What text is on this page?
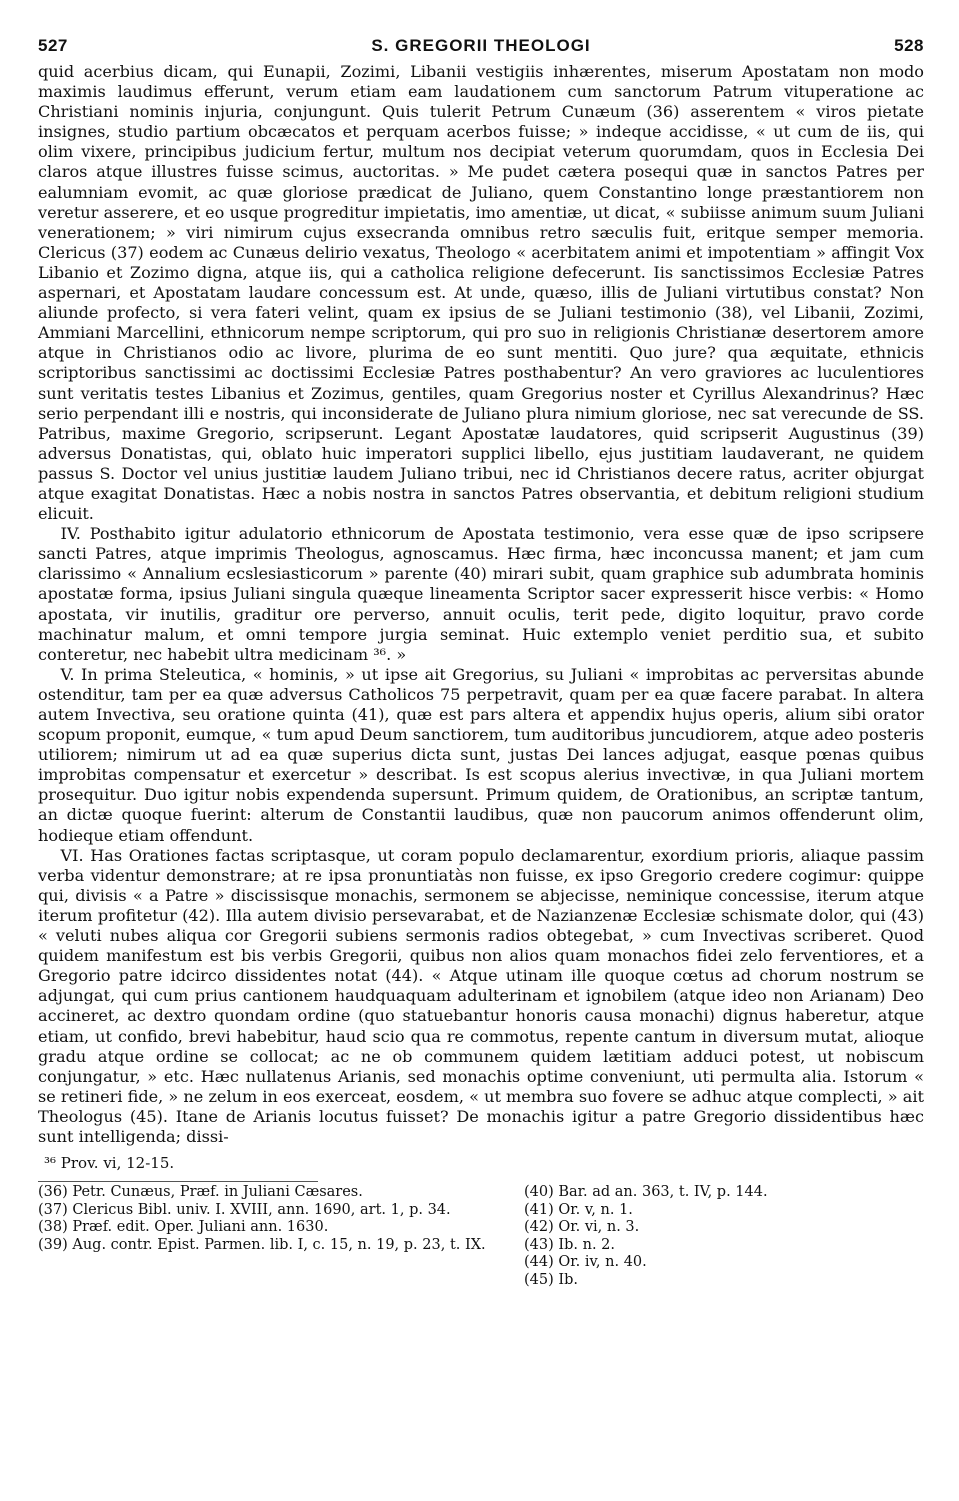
527	S. GREGORII THEOLOGI	528

quid acerbius dicam, qui Eunapii, Zozimi, Libanii vestigiis inhærentes, miserum Apostatam non modo maximis laudimus efferunt, verum etiam eam laudationem cum sanctorum Patrum vituperatione ac Christiani nominis injuria, conjungunt. Quis tulerit Petrum Cunæum (36) asserentem « viros pietate insignes, studio partium obcæcatos et perquam acerbos fuisse; » indeque accidisse, « ut cum de iis, qui olim vixere, principibus judicium fertur, multum nos decipiat veterum quorumdam, quos in Ecclesia Dei claros atque illustres fuisse scimus, auctoritas. » Me pudet cætera posequi quæ in sanctos Patres per ealumniam evomit, ac quæ gloriose prædicat de Juliano, quem Constantino longe præstantiorem non veretur asserere, et eo usque progreditur impietatis, imo amentiæ, ut dicat, « subiisse animum suum Juliani venerationem; » viri nimirum cujus exsecranda omnibus retro sæculis fuit, eritque semper memoria. Clericus (37) eodem ac Cunæus delirio vexatus, Theologo « acerbitatem animi et impotentiam » affingit Vox Libanio et Zozimo digna, atque iis, qui a catholica religione defecerunt. Iis sanctissimos Ecclesiæ Patres aspernari, et Apostatam laudare concessum est. At unde, quæso, illis de Juliani virtutibus constat? Non aliunde profecto, si vera fateri velint, quam ex ipsius de se Juliani testimonio (38), vel Libanii, Zozimi, Ammiani Marcellini, ethnicorum nempe scriptorum, qui pro suo in religionis Christianæ desertorem amore atque in Christianos odio ac livore, plurima de eo sunt mentiti. Quo jure? qua æquitate, ethnicis scriptoribus sanctissimi ac doctissimi Ecclesiæ Patres posthabentur? An vero graviores ac luculentiores sunt veritatis testes Libanius et Zozimus, gentiles, quam Gregorius noster et Cyrillus Alexandrinus? Hæc serio perpendant illi e nostris, qui inconsiderate de Juliano plura nimium gloriose, nec sat verecunde de SS. Patribus, maxime Gregorio, scripserunt. Legant Apostatæ laudatores, quid scripserit Augustinus (39) adversus Donatistas, qui, oblato huic imperatori supplici libello, ejus justitiam laudaverant, ne quidem passus S. Doctor vel unius justitiæ laudem Juliano tribui, nec id Christianos decere ratus, acriter objurgat atque exagitat Donatistas. Hæc a nobis nostra in sanctos Patres observantia, et debitum religioni studium elicuit.

IV. Posthabito igitur adulatorio ethnicorum de Apostata testimonio, vera esse quæ de ipso scripsere sancti Patres, atque imprimis Theologus, agnoscamus. Hæc firma, hæc inconcussa manent; et jam cum clarissimo « Annalium ecslesiasticorum » parente (40) mirari subit, quam graphice sub adumbrata hominis apostatæ forma, ipsius Juliani singula quæque lineamenta Scriptor sacer expresserit hisce verbis: « Homo apostata, vir inutilis, graditur ore perverso, annuit oculis, terit pede, digito loquitur, pravo corde machinatur malum, et omni tempore jurgia seminat. Huic extemplo veniet perditio sua, et subito conteretur, nec habebit ultra medicinam ³⁶. »

V. In prima Steleutica, « hominis, » ut ipse ait Gregorius, su Juliani « improbitas ac perversitas abunde ostenditur, tam per ea quæ adversus Catholicos 75 perpetravit, quam per ea quæ facere parabat. In altera autem Invectiva, seu oratione quinta (41), quæ est pars altera et appendix hujus operis, alium sibi orator scopum proponit, eumque, « tum apud Deum sanctiorem, tum auditoribus juncudiorem, atque adeo posteris utiliorem; nimirum ut ad ea quæ superius dicta sunt, justas Dei lances adjugat, easque pœnas quibus improbitas compensatur et exercetur » describat. Is est scopus alerius invectivæ, in qua Juliani mortem prosequitur. Duo igitur nobis expendenda supersunt. Primum quidem, de Orationibus, an scriptæ tantum, an dictæ quoque fuerint: alterum de Constantii laudibus, quæ non paucorum animos offenderunt olim, hodieque etiam offendunt.

VI. Has Orationes factas scriptasque, ut coram populo declamarentur, exordium prioris, aliaque passim verba videntur demonstrare; at re ipsa pronuntiatàs non fuisse, ex ipso Gregorio credere cogimur: quippe qui, divisis « a Patre » discissisque monachis, sermonem se abjecisse, neminique concessise, iterum atque iterum profitetur (42). Illa autem divisio persevarabat, et de Nazianzenæ Ecclesiæ schismate dolor, qui (43) « veluti nubes aliqua cor Gregorii subiens sermonis radios obtegebat, » cum Invectivas scriberet. Quod quidem manifestum est bis verbis Gregorii, quibus non alios quam monachos fidei zelo ferventiores, et a Gregorio patre idcirco dissidentes notat (44). « Atque utinam ille quoque cœtus ad chorum nostrum se adjungat, qui cum prius cantionem haudquaquam adulterinam et ignobilem (atque ideo non Arianam) Deo accineret, ac dextro quondam ordine (quo statuebantur honoris causa monachi) dignus haberetur, atque etiam, ut confido, brevi habebitur, haud scio qua re commotus, repente cantum in diversum mutat, alioque gradu atque ordine se collocat; ac ne ob communem quidem lætitiam adduci potest, ut nobiscum conjungatur, » etc. Hæc nullatenus Arianis, sed monachis optime conveniunt, uti permulta alia. Istorum « se retineri fide, » ne zelum in eos exerceat, eosdem, « ut membra suo fovere se adhuc atque complecti, » ait Theologus (45). Itane de Arianis locutus fuisset? De monachis igitur a patre Gregorio dissidentibus hæc sunt intelligenda; dissi-

³⁶ Prov. vi, 12-15.

(36) Petr. Cunæus, Præf. in Juliani Cæsares.

(37) Clericus Bibl. univ. I. XVIII, ann. 1690, art. 1, p. 34.

(38) Præf. edit. Oper. Juliani ann. 1630.

(39) Aug. contr. Epist. Parmen. lib. I, c. 15, n. 19, p. 23, t. IX.

(40) Bar. ad an. 363, t. IV, p. 144.

(41) Or. v, n. 1.

(42) Or. vi, n. 3.

(43) Ib. n. 2.

(44) Or. iv, n. 40.

(45) Ib.
